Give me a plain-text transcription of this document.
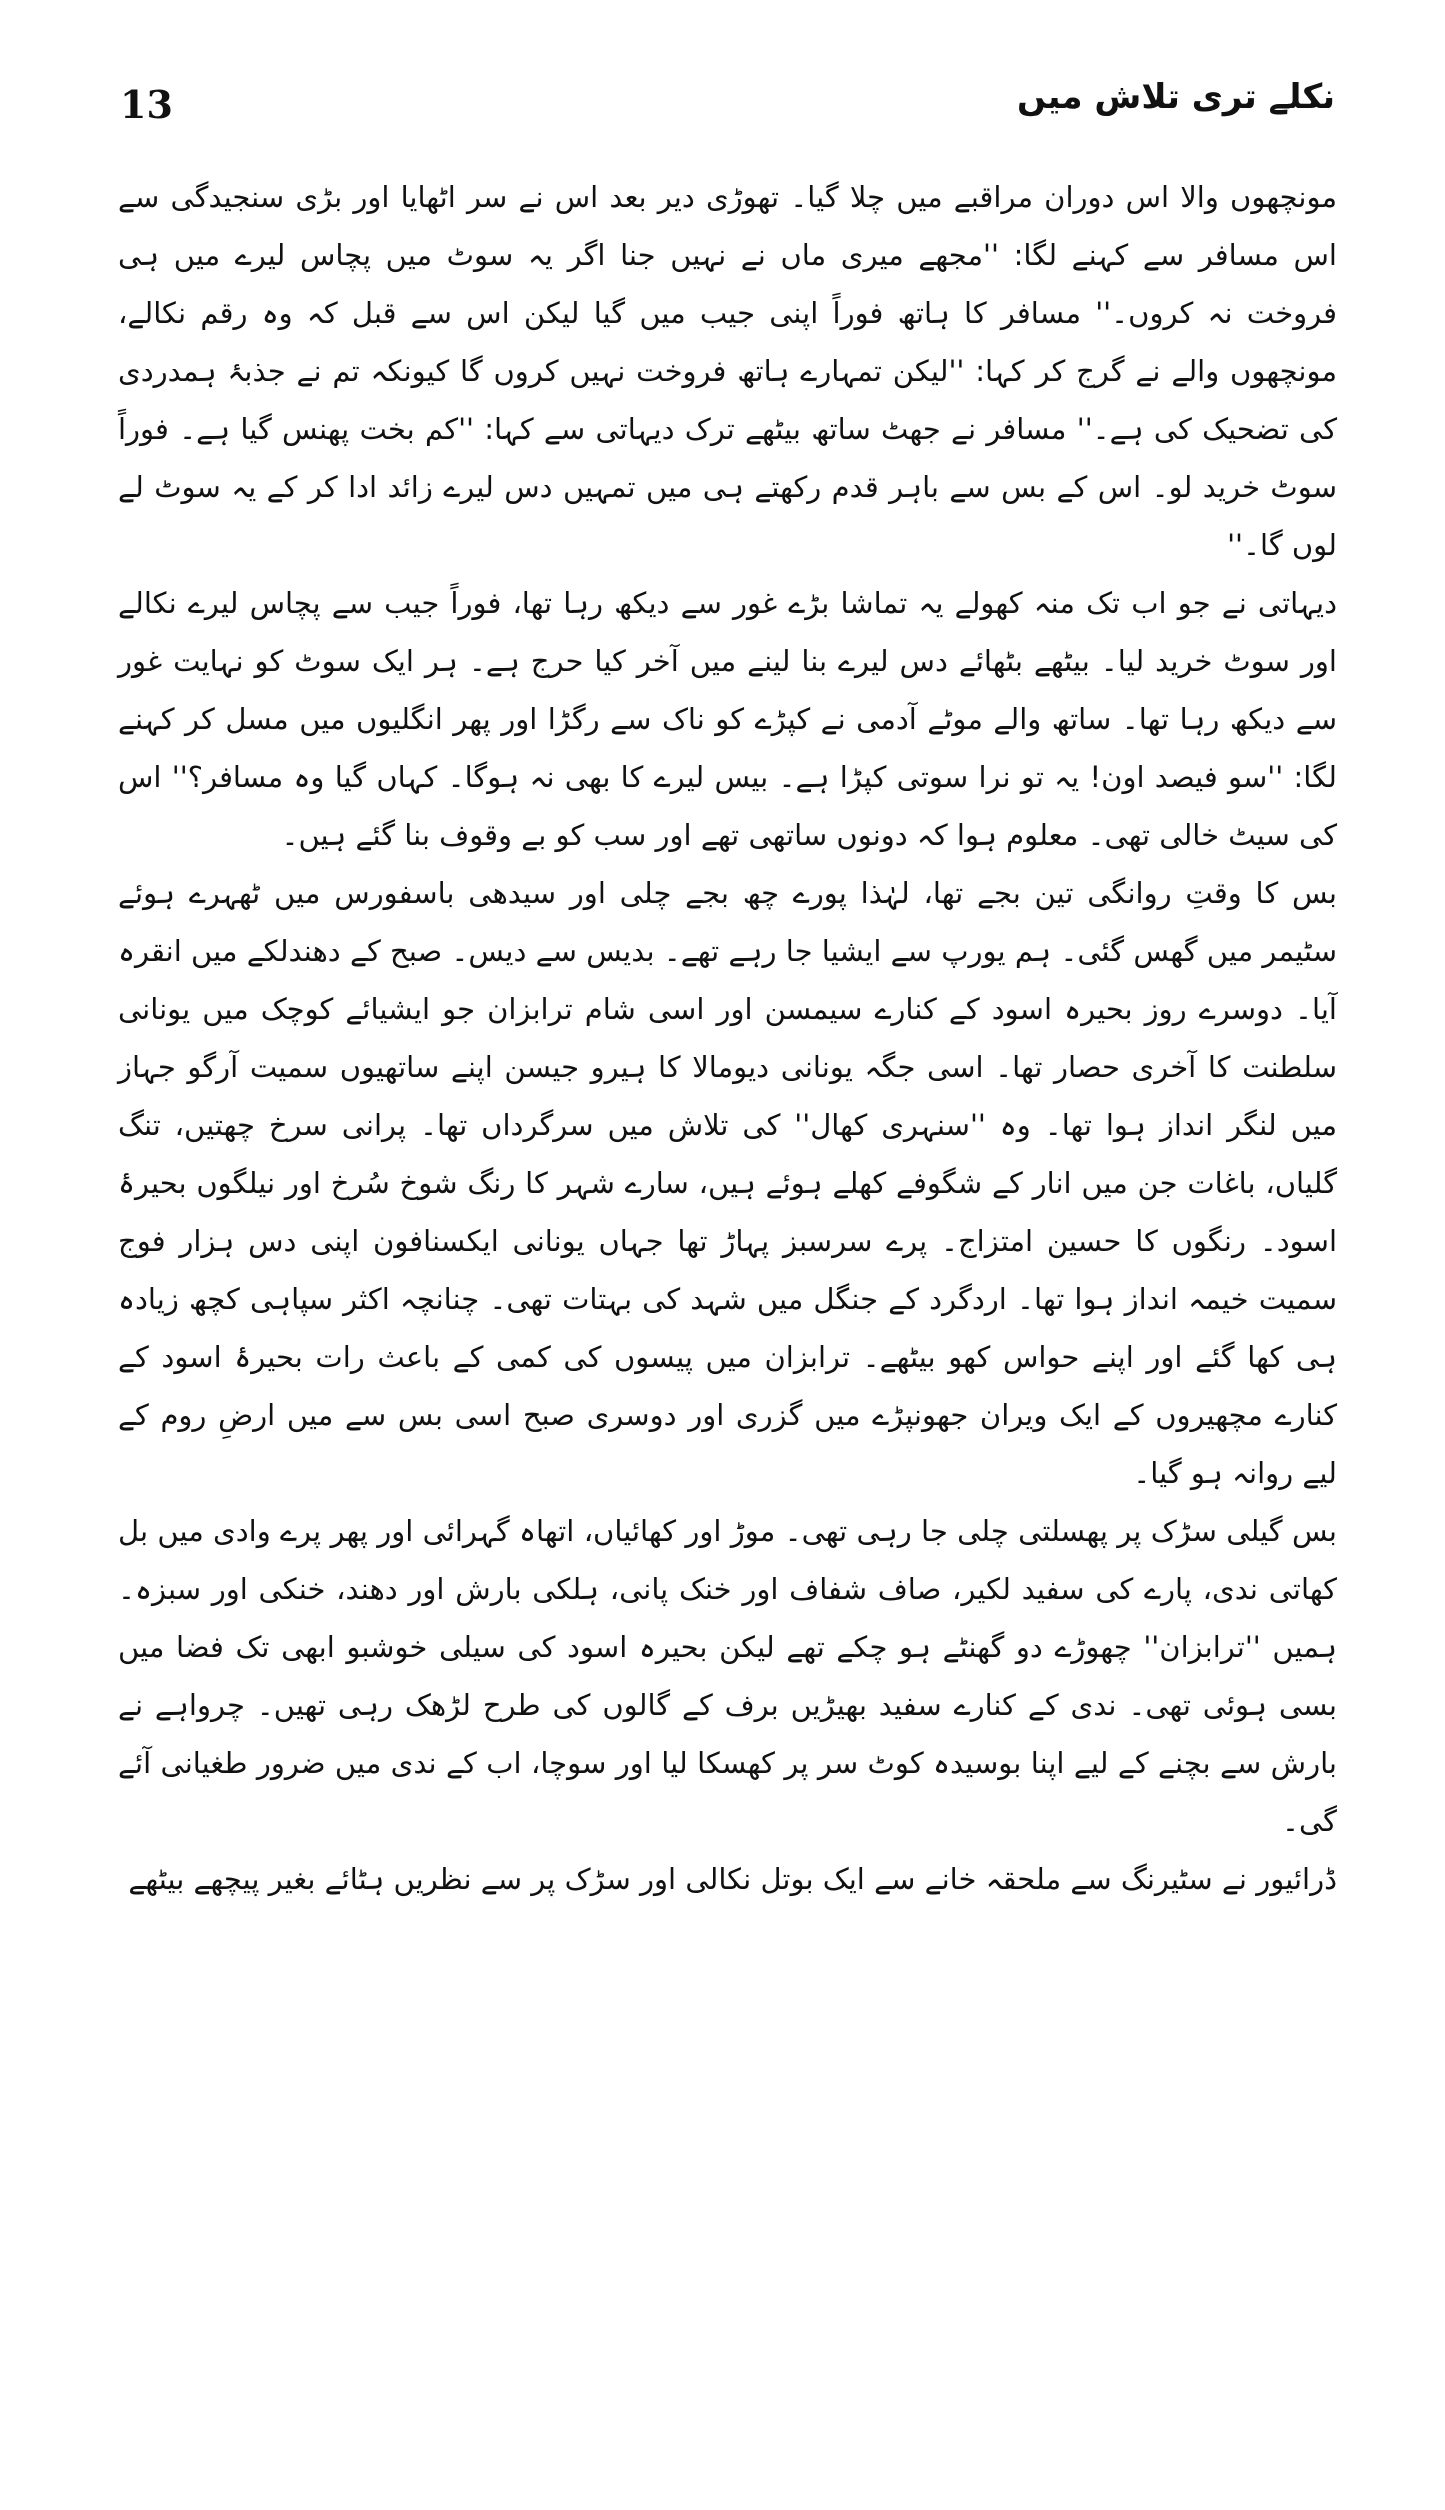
13	نکلے تری تلاش میں

مونچھوں والا اس دوران مراقبے میں چلا گیا۔ تھوڑی دیر بعد اس نے سر اٹھایا اور بڑی سنجیدگی سے اس مسافر سے کہنے لگا: ''مجھے میری ماں نے نہیں جنا اگر یہ سوٹ میں پچاس لیرے میں ہی فروخت نہ کروں۔'' مسافر کا ہاتھ فوراً اپنی جیب میں گیا لیکن اس سے قبل کہ وہ رقم نکالے، مونچھوں والے نے گرج کر کہا: ''لیکن تمہارے ہاتھ فروخت نہیں کروں گا کیونکہ تم نے جذبۂ ہمدردی کی تضحیک کی ہے۔'' مسافر نے جھٹ ساتھ بیٹھے ترک دیہاتی سے کہا: ''کم بخت پھنس گیا ہے۔ فوراً سوٹ خرید لو۔ اس کے بس سے باہر قدم رکھتے ہی میں تمہیں دس لیرے زائد ادا کر کے یہ سوٹ لے لوں گا۔''

دیہاتی نے جو اب تک منہ کھولے یہ تماشا بڑے غور سے دیکھ رہا تھا، فوراً جیب سے پچاس لیرے نکالے اور سوٹ خرید لیا۔ بیٹھے بٹھائے دس لیرے بنا لینے میں آخر کیا حرج ہے۔ ہر ایک سوٹ کو نہایت غور سے دیکھ رہا تھا۔ ساتھ والے موٹے آدمی نے کپڑے کو ناک سے رگڑا اور پھر انگلیوں میں مسل کر کہنے لگا: ''سو فیصد اون! یہ تو نرا سوتی کپڑا ہے۔ بیس لیرے کا بھی نہ ہوگا۔ کہاں گیا وہ مسافر؟'' اس کی سیٹ خالی تھی۔ معلوم ہوا کہ دونوں ساتھی تھے اور سب کو بے وقوف بنا گئے ہیں۔

بس کا وقتِ روانگی تین بجے تھا، لہٰذا پورے چھ بجے چلی اور سیدھی باسفورس میں ٹھہرے ہوئے سٹیمر میں گھس گئی۔ ہم یورپ سے ایشیا جا رہے تھے۔ بدیس سے دیس۔ صبح کے دھندلکے میں انقرہ آیا۔ دوسرے روز بحیرہ اسود کے کنارے سیمسن اور اسی شام ترابزان جو ایشیائے کوچک میں یونانی سلطنت کا آخری حصار تھا۔ اسی جگہ یونانی دیومالا کا ہیرو جیسن اپنے ساتھیوں سمیت آرگو جہاز میں لنگر انداز ہوا تھا۔ وہ ''سنہری کھال'' کی تلاش میں سرگرداں تھا۔ پرانی سرخ چھتیں، تنگ گلیاں، باغات جن میں انار کے شگوفے کھلے ہوئے ہیں، سارے شہر کا رنگ شوخ سُرخ اور نیلگوں بحیرۂ اسود۔ رنگوں کا حسین امتزاج۔ پرے سرسبز پہاڑ تھا جہاں یونانی ایکسنافون اپنی دس ہزار فوج سمیت خیمہ انداز ہوا تھا۔ اردگرد کے جنگل میں شہد کی بہتات تھی۔ چنانچہ اکثر سپاہی کچھ زیادہ ہی کھا گئے اور اپنے حواس کھو بیٹھے۔ ترابزان میں پیسوں کی کمی کے باعث رات بحیرۂ اسود کے کنارے مچھیروں کے ایک ویران جھونپڑے میں گزری اور دوسری صبح اسی بس سے میں ارضِ روم کے لیے روانہ ہو گیا۔

بس گیلی سڑک پر پھسلتی چلی جا رہی تھی۔ موڑ اور کھائیاں، اتھاہ گہرائی اور پھر پرے وادی میں بل کھاتی ندی، پارے کی سفید لکیر، صاف شفاف اور خنک پانی، ہلکی بارش اور دھند، خنکی اور سبزہ۔ ہمیں ''ترابزان'' چھوڑے دو گھنٹے ہو چکے تھے لیکن بحیرہ اسود کی سیلی خوشبو ابھی تک فضا میں بسی ہوئی تھی۔ ندی کے کنارے سفید بھیڑیں برف کے گالوں کی طرح لڑھک رہی تھیں۔ چرواہے نے بارش سے بچنے کے لیے اپنا بوسیدہ کوٹ سر پر کھسکا لیا اور سوچا، اب کے ندی میں ضرور طغیانی آئے گی۔

ڈرائیور نے سٹیرنگ سے ملحقہ خانے سے ایک بوتل نکالی اور سڑک پر سے نظریں ہٹائے بغیر پیچھے بیٹھے
